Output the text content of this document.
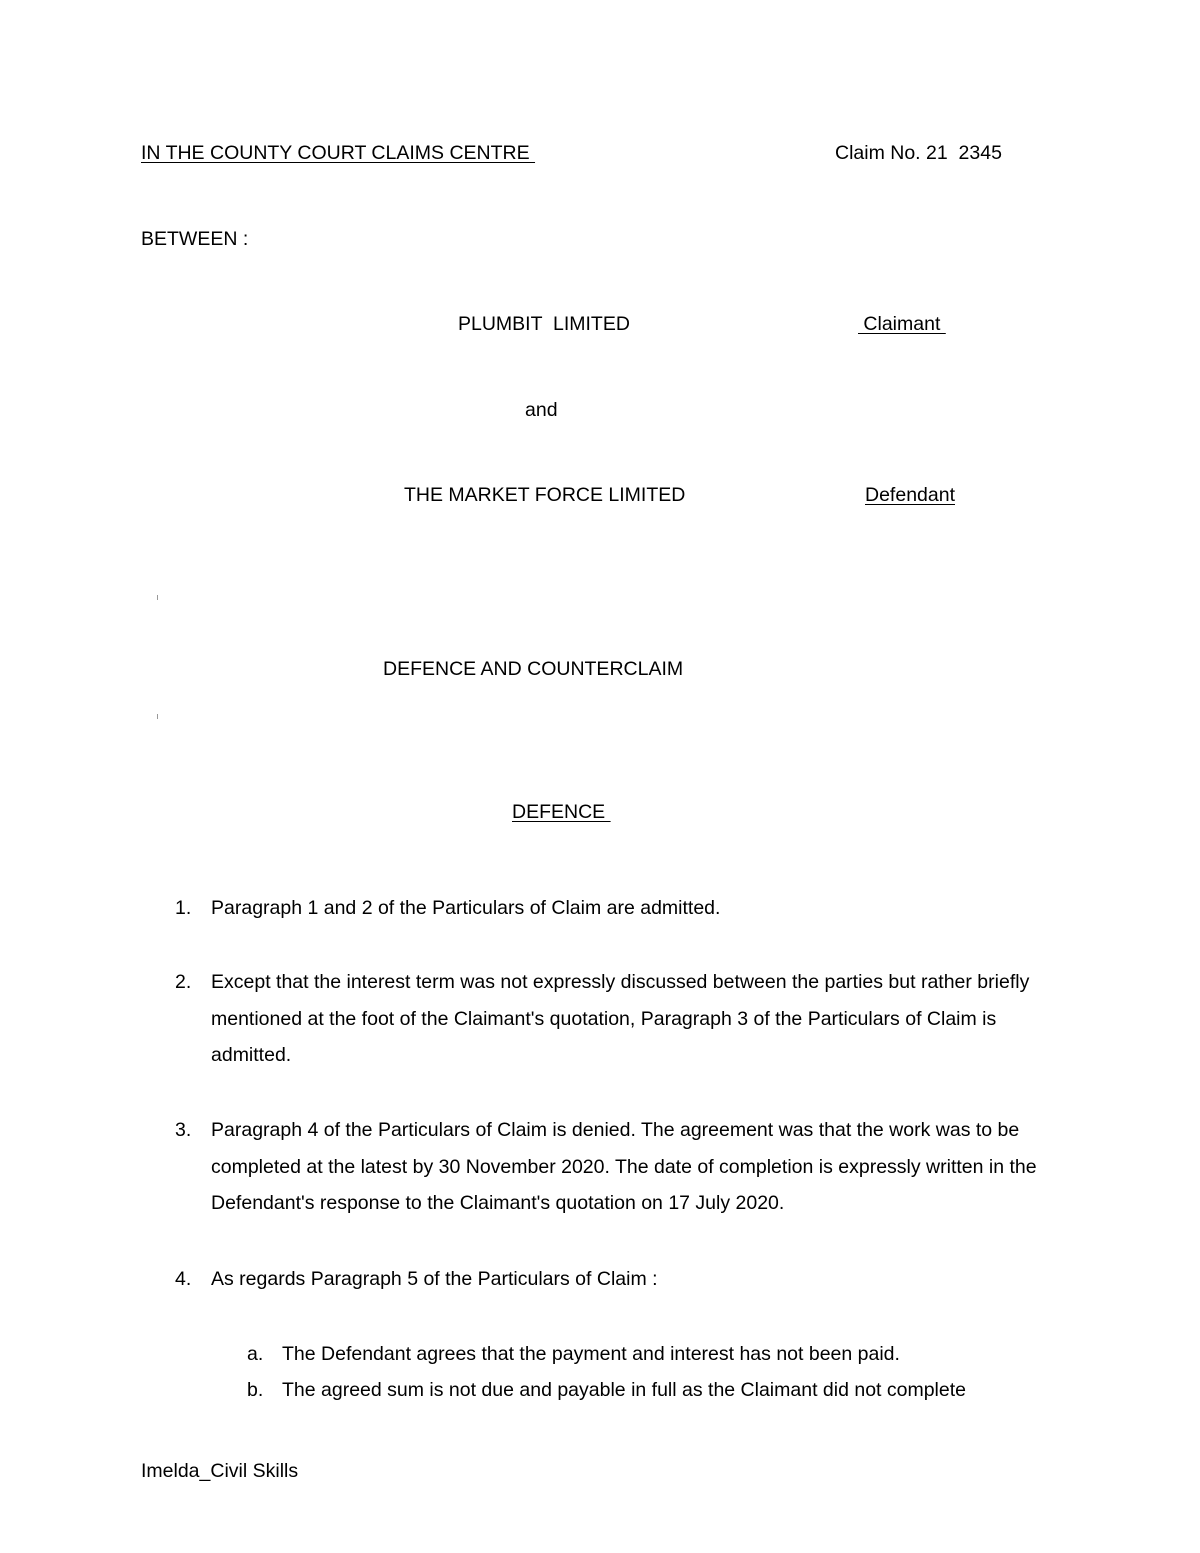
IN THE COUNTY COURT CLAIMS CENTRE	Claim No. 21  2345
BETWEEN :
PLUMBIT  LIMITED	Claimant
and
THE MARKET FORCE LIMITED	Defendant
DEFENCE AND COUNTERCLAIM
DEFENCE
1. Paragraph 1 and 2 of the Particulars of Claim are admitted.
2. Except that the interest term was not expressly discussed between the parties but rather briefly mentioned at the foot of the Claimant's quotation, Paragraph 3 of the Particulars of Claim is admitted.
3. Paragraph 4 of the Particulars of Claim is denied. The agreement was that the work was to be completed at the latest by 30 November 2020. The date of completion is expressly written in the Defendant's response to the Claimant's quotation on 17 July 2020.
4. As regards Paragraph 5 of the Particulars of Claim :
a. The Defendant agrees that the payment and interest has not been paid.
b. The agreed sum is not due and payable in full as the Claimant did not complete
Imelda_Civil Skills
